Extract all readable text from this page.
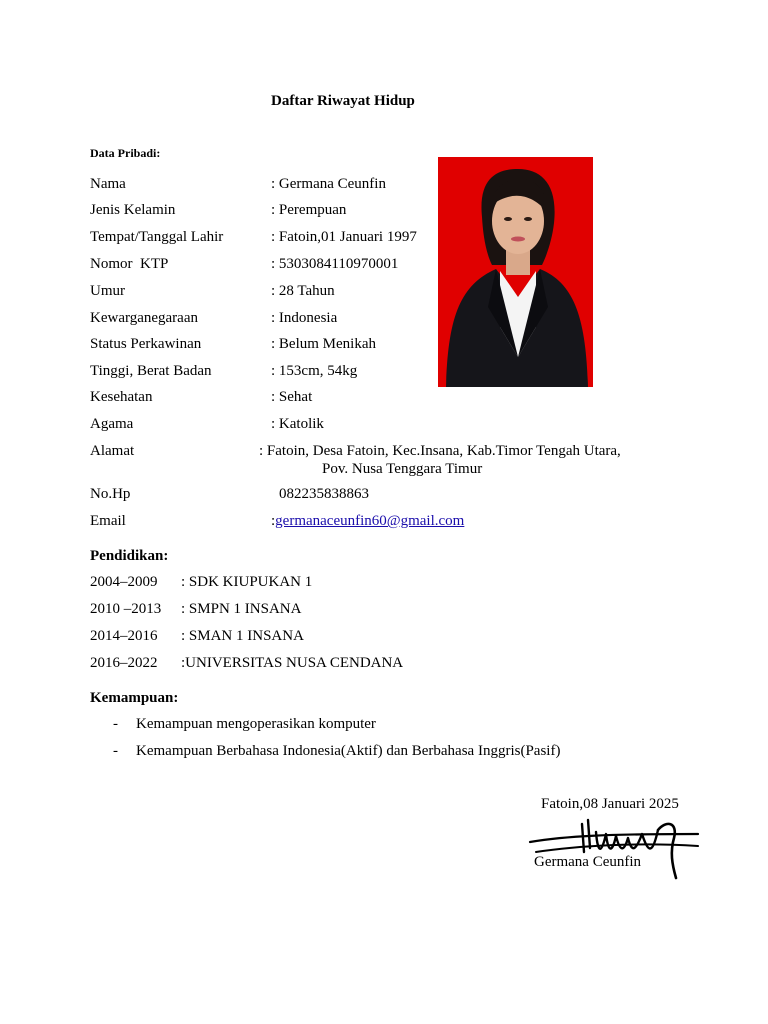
Daftar Riwayat Hidup
Data Pribadi:
Nama	: Germana Ceunfin
Jenis Kelamin	: Perempuan
Tempat/Tanggal Lahir	: Fatoin,01 Januari 1997
Nomor  KTP	: 5303084110970001
Umur	: 28 Tahun
Kewarganegaraan	: Indonesia
Status Perkawinan	: Belum Menikah
Tinggi, Berat Badan	: 153cm, 54kg
Kesehatan	: Sehat
Agama	: Katolik
Alamat	: Fatoin, Desa Fatoin, Kec.Insana, Kab.Timor Tengah Utara,
Pov. Nusa Tenggara Timur
No.Hp	082235838863
Email	:germanaceunfin60@gmail.com
Pendidikan:
2004–2009 : SDK KIUPUKAN 1
2010 –2013 : SMPN 1 INSANA
2014–2016 : SMAN 1 INSANA
2016–2022 :UNIVERSITAS NUSA CENDANA
Kemampuan:
- Kemampuan mengoperasikan komputer
- Kemampuan Berbahasa Indonesia(Aktif) dan Berbahasa Inggris(Pasif)
Fatoin,08 Januari 2025
Germana Ceunfin
